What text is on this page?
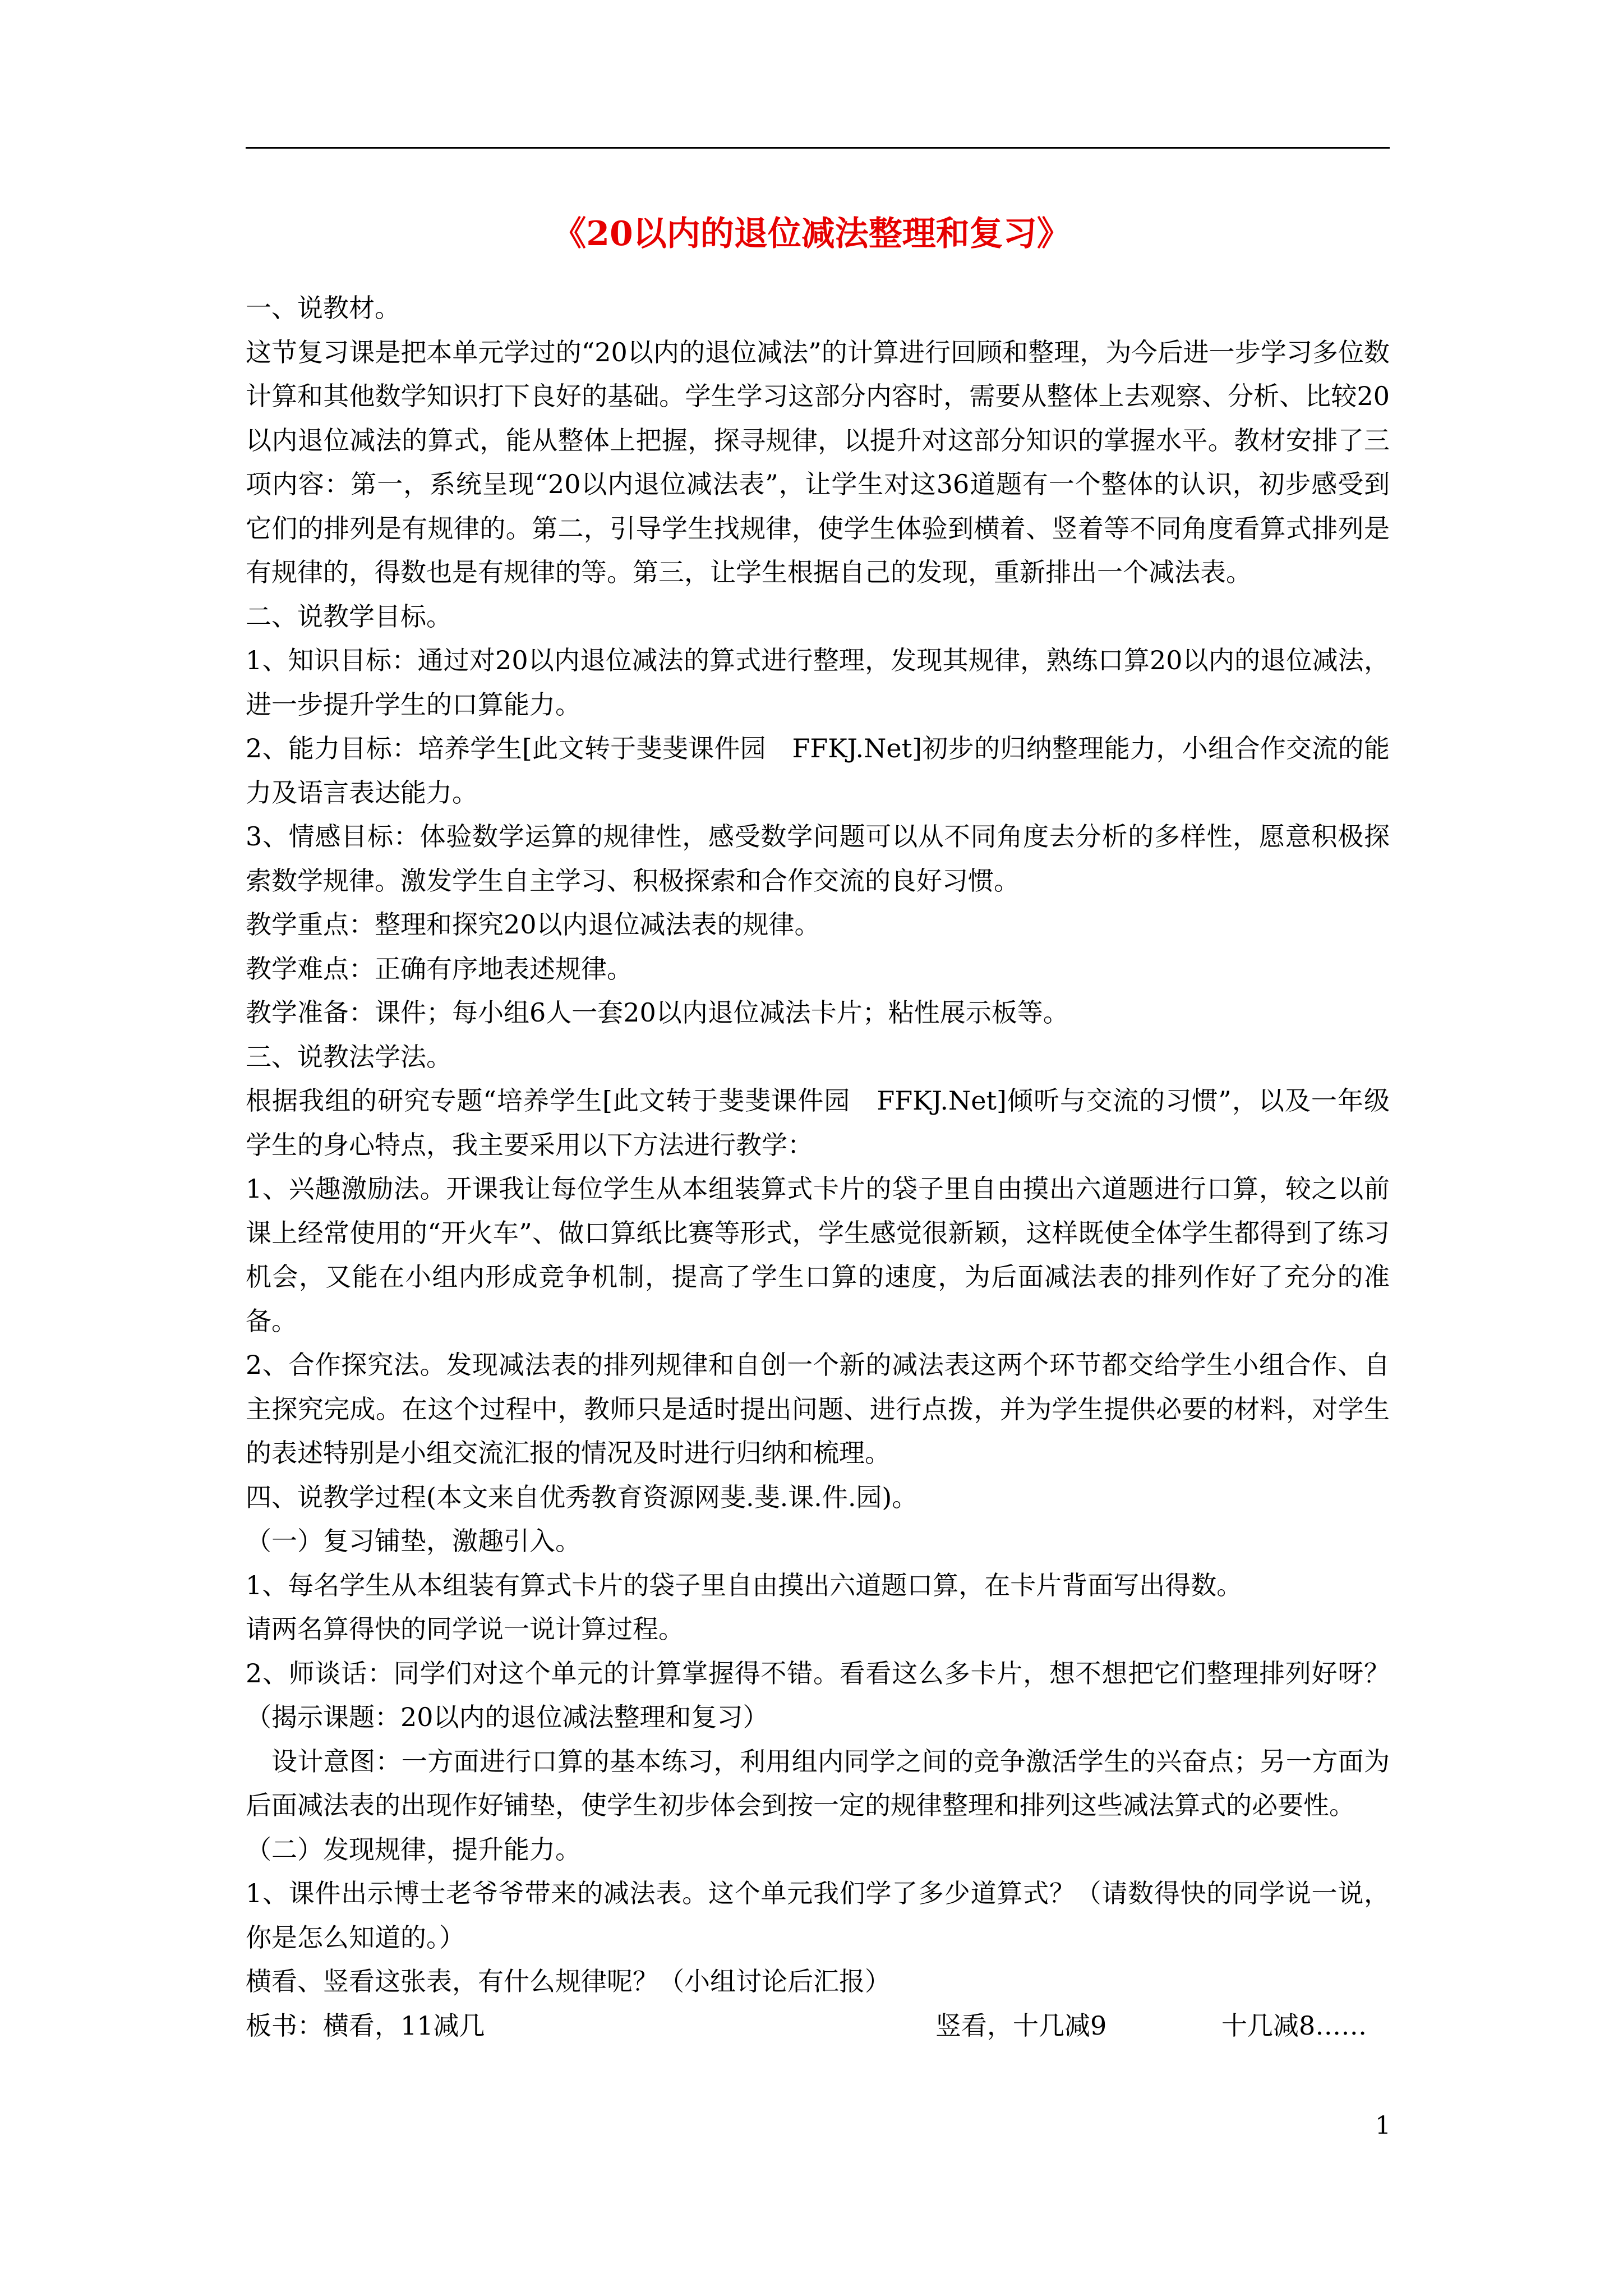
《20以内的退位减法整理和复习》

一、说教材。

这节复习课是把本单元学过的“20以内的退位减法”的计算进行回顾和整理，为今后进一步学习多位数计算和其他数学知识打下良好的基础。学生学习这部分内容时，需要从整体上去观察、分析、比较20以内退位减法的算式，能从整体上把握，探寻规律，以提升对这部分知识的掌握水平。教材安排了三项内容：第一，系统呈现“20以内退位减法表”，让学生对这36道题有一个整体的认识，初步感受到它们的排列是有规律的。第二，引导学生找规律，使学生体验到横着、竖着等不同角度看算式排列是有规律的，得数也是有规律的等。第三，让学生根据自己的发现，重新排出一个减法表。

二、说教学目标。

1、知识目标：通过对20以内退位减法的算式进行整理，发现其规律，熟练口算20以内的退位减法，进一步提升学生的口算能力。

2、能力目标：培养学生[此文转于斐斐课件园　FFKJ.Net]初步的归纳整理能力，小组合作交流的能力及语言表达能力。

3、情感目标：体验数学运算的规律性，感受数学问题可以从不同角度去分析的多样性，愿意积极探索数学规律。激发学生自主学习、积极探索和合作交流的良好习惯。

教学重点：整理和探究20以内退位减法表的规律。

教学难点：正确有序地表述规律。

教学准备：课件；每小组6人一套20以内退位减法卡片；粘性展示板等。

三、说教法学法。

根据我组的研究专题“培养学生[此文转于斐斐课件园　FFKJ.Net]倾听与交流的习惯”，以及一年级学生的身心特点，我主要采用以下方法进行教学：

1、兴趣激励法。开课我让每位学生从本组装算式卡片的袋子里自由摸出六道题进行口算，较之以前课上经常使用的“开火车”、做口算纸比赛等形式，学生感觉很新颖，这样既使全体学生都得到了练习机会，又能在小组内形成竞争机制，提高了学生口算的速度，为后面减法表的排列作好了充分的准备。

2、合作探究法。发现减法表的排列规律和自创一个新的减法表这两个环节都交给学生小组合作、自主探究完成。在这个过程中，教师只是适时提出问题、进行点拨，并为学生提供必要的材料，对学生的表述特别是小组交流汇报的情况及时进行归纳和梳理。

四、说教学过程(本文来自优秀教育资源网斐.斐.课.件.园)。

（一）复习铺垫，激趣引入。

1、每名学生从本组装有算式卡片的袋子里自由摸出六道题口算，在卡片背面写出得数。

请两名算得快的同学说一说计算过程。

2、师谈话：同学们对这个单元的计算掌握得不错。看看这么多卡片，想不想把它们整理排列好呀？（揭示课题：20以内的退位减法整理和复习）

设计意图：一方面进行口算的基本练习，利用组内同学之间的竞争激活学生的兴奋点；另一方面为后面减法表的出现作好铺垫，使学生初步体会到按一定的规律整理和排列这些减法算式的必要性。

（二）发现规律，提升能力。

1、课件出示博士老爷爷带来的减法表。这个单元我们学了多少道算式？（请数得快的同学说一说，你是怎么知道的。）

横看、竖看这张表，有什么规律呢？（小组讨论后汇报）

板书：横看，11减几	竖看，十几减9	十几减8……
1
